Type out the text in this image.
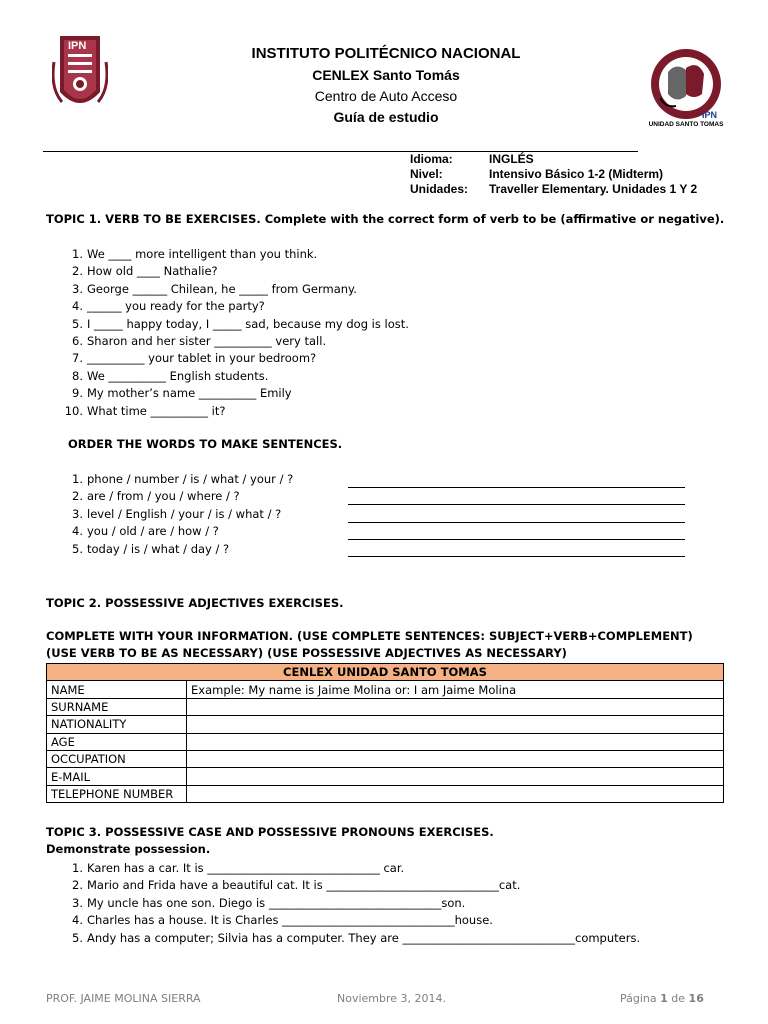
IPN	INSTITUTO POLITÉCNICO NACIONAL
CENLEX Santo Tomás
Centro de Auto Acceso
Guía de estudio	IPN
UNIDAD SANTO TOMAS
Idioma:	INGLÉS
Nivel:	Intensivo Básico 1-2 (Midterm)
Unidades: Traveller Elementary. Unidades 1 Y 2
TOPIC 1. VERB TO BE EXERCISES. Complete with the correct form of verb to be (affirmative or negative).
1. We ____ more intelligent than you think.
2. How old ____ Nathalie?
3. George ______ Chilean, he _____ from Germany.
4. ______ you ready for the party?
5. I _____ happy today, I _____ sad, because my dog is lost.
6. Sharon and her sister __________ very tall.
7. __________ your tablet in your bedroom?
8. We __________ English students.
9. My mother’s name __________ Emily
10. What time __________ it?
ORDER THE WORDS TO MAKE SENTENCES.
1. phone / number / is / what / your / ?
2. are / from / you / where / ?
3. level / English / your / is / what / ?
4. you / old / are / how / ?
5. today / is / what / day / ?
TOPIC 2. POSSESSIVE ADJECTIVES EXERCISES.
COMPLETE WITH YOUR INFORMATION. (USE COMPLETE SENTENCES: SUBJECT+VERB+COMPLEMENT)
(USE VERB TO BE AS NECESSARY) (USE POSSESSIVE ADJECTIVES AS NECESSARY)
CENLEX UNIDAD SANTO TOMAS	
NAME	Example: My name is Jaime Molina or: I am Jaime Molina
SURNAME	
NATIONALITY	
AGE	
OCCUPATION	
E-MAIL	
TELEPHONE NUMBER	
TOPIC 3. POSSESSIVE CASE AND POSSESSIVE PRONOUNS EXERCISES.
Demonstrate possession.
1. Karen has a car. It is ______________________________ car.
2. Mario and Frida have a beautiful cat. It is ______________________________cat.
3. My uncle has one son. Diego is ______________________________son.
4. Charles has a house. It is Charles ______________________________house.
5. Andy has a computer; Silvia has a computer. They are ______________________________computers.
PROF. JAIME MOLINA SIERRA	Noviembre 3, 2014.	Página 1 de 16
